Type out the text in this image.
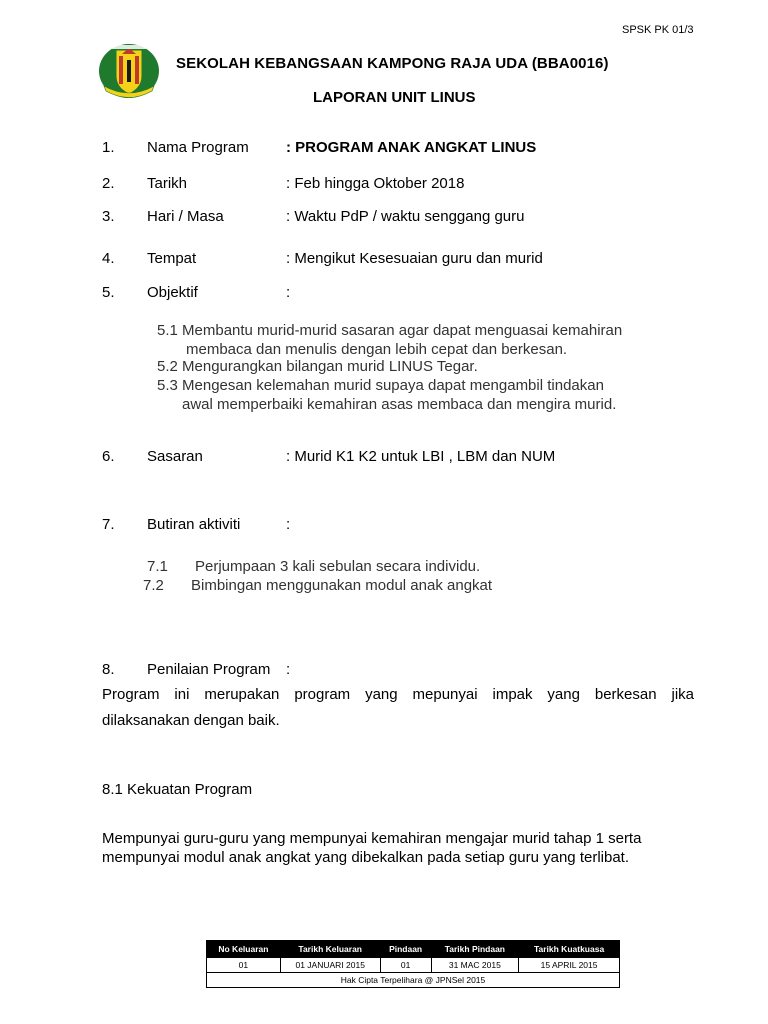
SPSK PK 01/3
SEKOLAH KEBANGSAAN KAMPONG RAJA UDA (BBA0016)
LAPORAN UNIT LINUS
1. Nama Program : PROGRAM ANAK ANGKAT LINUS
2. Tarikh	: Feb hingga Oktober 2018
3. Hari / Masa	: Waktu PdP / waktu senggang guru
4. Tempat	: Mengikut Kesesuaian guru dan murid
5. Objektif	:
5.1 Membantu murid-murid sasaran agar dapat menguasai kemahiran
membaca dan menulis dengan lebih cepat dan berkesan.
5.2 Mengurangkan bilangan murid LINUS Tegar.
5.3 Mengesan kelemahan murid supaya dapat mengambil tindakan
awal memperbaiki kemahiran asas membaca dan mengira murid.
6. Sasaran	: Murid K1 K2 untuk LBI , LBM dan NUM
7. Butiran aktiviti	:
7.1 Perjumpaan 3 kali sebulan secara individu.
7.2 Bimbingan menggunakan modul anak angkat
8. Penilaian Program :
Program ini merupakan program yang mepunyai impak yang berkesan jika
dilaksanakan dengan baik.
8.1 Kekuatan Program
Mempunyai guru-guru yang mempunyai kemahiran mengajar murid tahap 1 serta
mempunyai modul anak angkat yang dibekalkan pada setiap guru yang terlibat.
No Keluaran	Tarikh Keluaran	Pindaan	Tarikh Pindaan	Tarikh Kuatkuasa
01	01 JANUARI 2015	01	31 MAC 2015	15 APRIL 2015
Hak Cipta Terpelihara @ JPNSel 2015				
